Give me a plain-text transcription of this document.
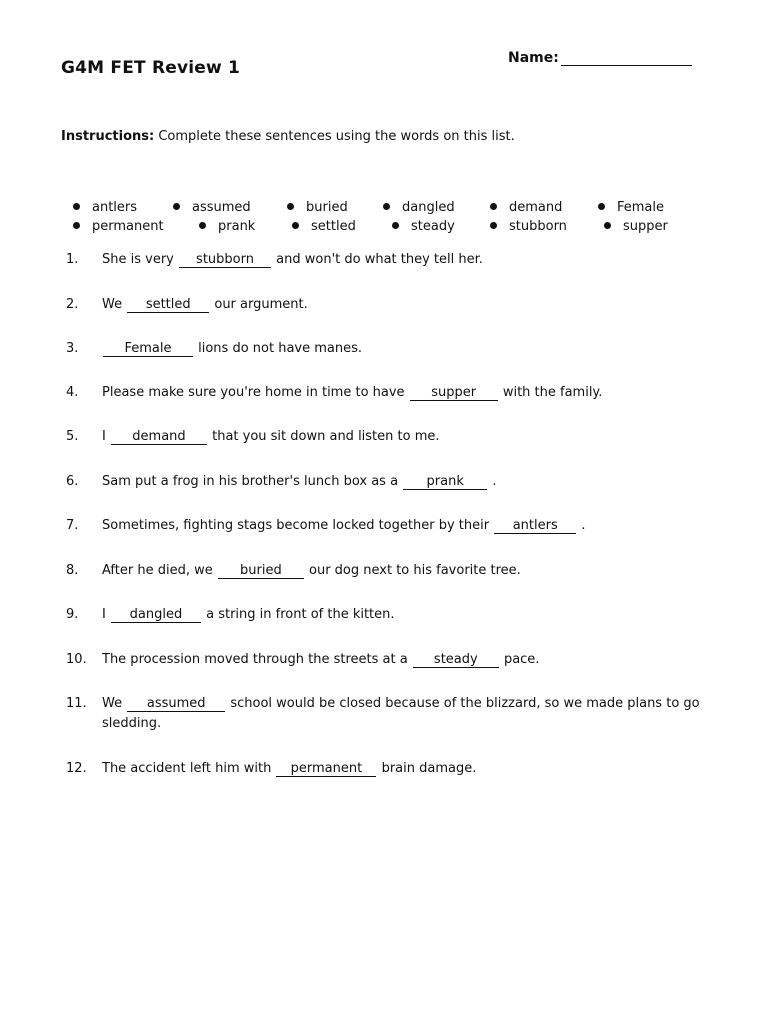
G4M FET Review 1	Name:
Instructions: Complete these sentences using the words on this list.
antlers	assumed	buried	dangled	demand	Female
permanent	prank	settled	steady	stubborn	supper
1.	She is very stubborn and won't do what they tell her.
2.	We settled our argument.
3.	Female lions do not have manes.
4.	Please make sure you're home in time to have supper with the family.
5.	I demand that you sit down and listen to me.
6.	Sam put a frog in his brother's lunch box as a prank .
7.	Sometimes, fighting stags become locked together by their antlers .
8.	After he died, we buried our dog next to his favorite tree.
9.	I dangled a string in front of the kitten.
10.	The procession moved through the streets at a steady pace.
11.	We assumed school would be closed because of the blizzard, so we made plans to go sledding.
12.	The accident left him with permanent brain damage.
